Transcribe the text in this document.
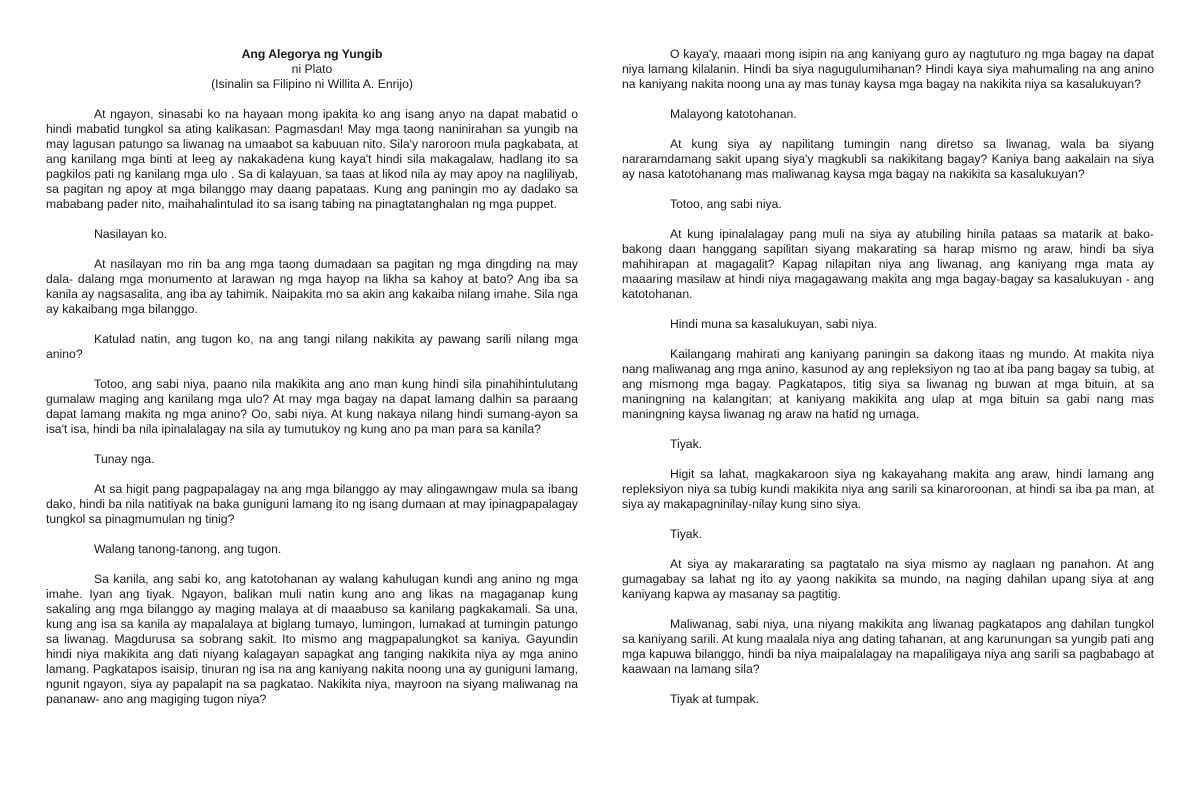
Ang Alegorya ng Yungib
ni Plato
(Isinalin sa Filipino ni Willita A. Enrijo)

At ngayon, sinasabi ko na hayaan mong ipakita ko ang isang anyo na dapat mabatid o hindi mabatid tungkol sa ating kalikasan: Pagmasdan! May mga taong naninirahan sa yungib na may lagusan patungo sa liwanag na umaabot sa kabuuan nito. Sila'y naroroon mula pagkabata, at ang kanilang mga binti at leeg ay nakakadena kung kaya't hindi sila makagalaw, hadlang ito sa pagkilos pati ng kanilang mga ulo . Sa di kalayuan, sa taas at likod nila ay may apoy na nagliliyab, sa pagitan ng apoy at mga bilanggo may daang papataas. Kung ang paningin mo ay dadako sa mababang pader nito, maihahalintulad ito sa isang tabing na pinagtatanghalan ng mga puppet.

Nasilayan ko.

At nasilayan mo rin ba ang mga taong dumadaan sa pagitan ng mga dingding na may dala- dalang mga monumento at larawan ng mga hayop na likha sa kahoy at bato? Ang iba sa kanila ay nagsasalita, ang iba ay tahimik. Naipakita mo sa akin ang kakaiba nilang imahe. Sila nga ay kakaibang mga bilanggo.

Katulad natin, ang tugon ko, na ang tangi nilang nakikita ay pawang sarili nilang mga anino?

Totoo, ang sabi niya, paano nila makikita ang ano man kung hindi sila pinahihintulutang gumalaw maging ang kanilang mga ulo? At may mga bagay na dapat lamang dalhin sa paraang dapat lamang makita ng mga anino? Oo, sabi niya. At kung nakaya nilang hindi sumang-ayon sa isa't isa, hindi ba nila ipinalalagay na sila ay tumutukoy ng kung ano pa man para sa kanila?

Tunay nga.

At sa higit pang pagpapalagay na ang mga bilanggo ay may alingawngaw mula sa ibang dako, hindi ba nila natitiyak na baka guniguni lamang ito ng isang dumaan at may ipinagpapalagay tungkol sa pinagmumulan ng tinig?

Walang tanong-tanong, ang tugon.

Sa kanila, ang sabi ko, ang katotohanan ay walang kahulugan kundi ang anino ng mga imahe. Iyan ang tiyak. Ngayon, balikan muli natin kung ano ang likas na magaganap kung sakaling ang mga bilanggo ay maging malaya at di maaabuso sa kanilang pagkakamali. Sa una, kung ang isa sa kanila ay mapalalaya at biglang tumayo, lumingon, lumakad at tumingin patungo sa liwanag. Magdurusa sa sobrang sakit. Ito mismo ang magpapalungkot sa kaniya. Gayundin hindi niya makikita ang dati niyang kalagayan sapagkat ang tanging nakikita niya ay mga anino lamang. Pagkatapos isaisip, tinuran ng isa na ang kaniyang nakita noong una ay guniguni lamang, ngunit ngayon, siya ay papalapit na sa pagkatao. Nakikita niya, mayroon na siyang maliwanag na pananaw- ano ang magiging tugon niya?

O kaya'y, maaari mong isipin na ang kaniyang guro ay nagtuturo ng mga bagay na dapat niya lamang kilalanin. Hindi ba siya nagugulumihanan? Hindi kaya siya mahumaling na ang anino na kaniyang nakita noong una ay mas tunay kaysa mga bagay na nakikita niya sa kasalukuyan?

Malayong katotohanan.

At kung siya ay napilitang tumingin nang diretso sa liwanag, wala ba siyang nararamdamang sakit upang siya'y magkubli sa nakikitang bagay? Kaniya bang aakalain na siya ay nasa katotohanang mas maliwanag kaysa mga bagay na nakikita sa kasalukuyan?

Totoo, ang sabi niya.

At kung ipinalalagay pang muli na siya ay atubiling hinila pataas sa matarik at bako-bakong daan hanggang sapilitan siyang makarating sa harap mismo ng araw, hindi ba siya mahihirapan at magagalit? Kapag nilapitan niya ang liwanag, ang kaniyang mga mata ay maaaring masilaw at hindi niya magagawang makita ang mga bagay-bagay sa kasalukuyan - ang katotohanan.

Hindi muna sa kasalukuyan, sabi niya.

Kailangang mahirati ang kaniyang paningin sa dakong itaas ng mundo. At makita niya nang maliwanag ang mga anino, kasunod ay ang repleksiyon ng tao at iba pang bagay sa tubig, at ang mismong mga bagay. Pagkatapos, titig siya sa liwanag ng buwan at mga bituin, at sa maningning na kalangitan; at kaniyang makikita ang ulap at mga bituin sa gabi nang mas maningning kaysa liwanag ng araw na hatid ng umaga.

Tiyak.

Higit sa lahat, magkakaroon siya ng kakayahang makita ang araw, hindi lamang ang repleksiyon niya sa tubig kundi makikita niya ang sarili sa kinaroroonan, at hindi sa iba pa man, at siya ay makapagninilay-nilay kung sino siya.

Tiyak.

At siya ay makararating sa pagtatalo na siya mismo ay naglaan ng panahon. At ang gumagabay sa lahat ng ito ay yaong nakikita sa mundo, na naging dahilan upang siya at ang kaniyang kapwa ay masanay sa pagtitig.

Maliwanag, sabi niya, una niyang makikita ang liwanag pagkatapos ang dahilan tungkol sa kaniyang sarili. At kung maalala niya ang dating tahanan, at ang karunungan sa yungib pati ang mga kapuwa bilanggo, hindi ba niya maipalalagay na mapaliligaya niya ang sarili sa pagbabago at kaawaan na lamang sila?

Tiyak at tumpak.
